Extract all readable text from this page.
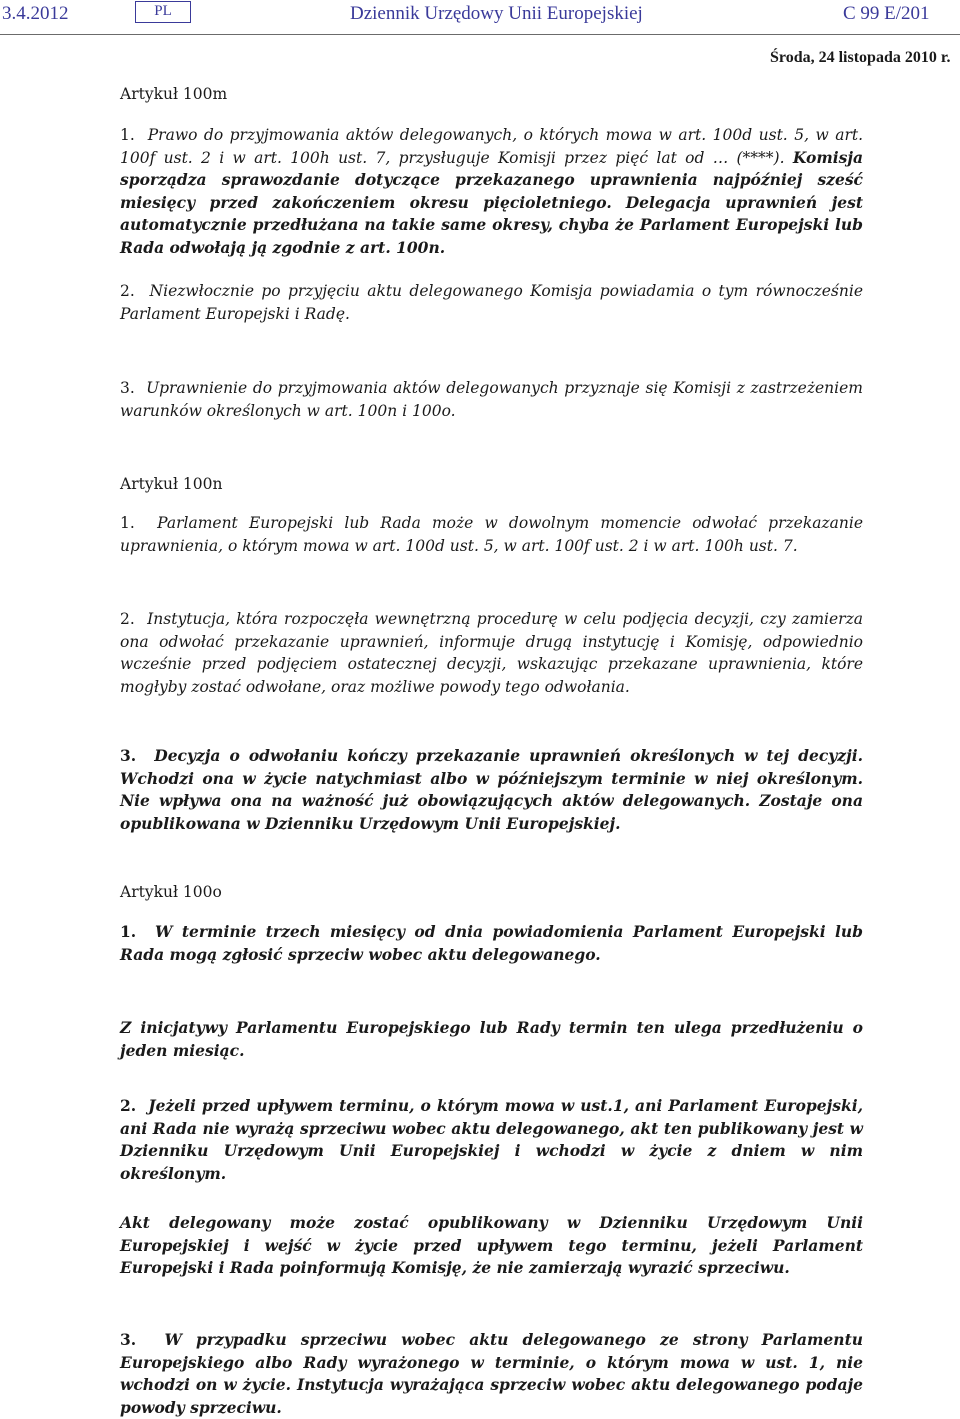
3.4.2012	PL	Dziennik Urzędowy Unii Europejskiej	C 99 E/201
Środa, 24 listopada 2010 r.
Artykuł 100m
1. Prawo do przyjmowania aktów delegowanych, o których mowa w art. 100d ust. 5, w art. 100f ust. 2 i w art. 100h ust. 7, przysługuje Komisji przez pięć lat od … (****). Komisja sporządza sprawozdanie dotyczące przekazanego uprawnienia najpóźniej sześć miesięcy przed zakończeniem okresu pięcioletniego. Delegacja uprawnień jest automatycznie przedłużana na takie same okresy, chyba że Parlament Europejski lub Rada odwołają ją zgodnie z art. 100n.
2. Niezwłocznie po przyjęciu aktu delegowanego Komisja powiadamia o tym równocześnie Parlament Europejski i Radę.
3. Uprawnienie do przyjmowania aktów delegowanych przyznaje się Komisji z zastrzeżeniem warunków określonych w art. 100n i 100o.
Artykuł 100n
1. Parlament Europejski lub Rada może w dowolnym momencie odwołać przekazanie uprawnienia, o którym mowa w art. 100d ust. 5, w art. 100f ust. 2 i w art. 100h ust. 7.
2. Instytucja, która rozpoczęła wewnętrzną procedurę w celu podjęcia decyzji, czy zamierza ona odwołać przekazanie uprawnień, informuje drugą instytucję i Komisję, odpowiednio wcześnie przed podjęciem ostatecznej decyzji, wskazując przekazane uprawnienia, które mogłyby zostać odwołane, oraz możliwe powody tego odwołania.
3. Decyzja o odwołaniu kończy przekazanie uprawnień określonych w tej decyzji. Wchodzi ona w życie natychmiast albo w późniejszym terminie w niej określonym. Nie wpływa ona na ważność już obowiązujących aktów delegowanych. Zostaje ona opublikowana w Dzienniku Urzędowym Unii Europejskiej.
Artykuł 100o
1. W terminie trzech miesięcy od dnia powiadomienia Parlament Europejski lub Rada mogą zgłosić sprzeciw wobec aktu delegowanego.
Z inicjatywy Parlamentu Europejskiego lub Rady termin ten ulega przedłużeniu o jeden miesiąc.
2. Jeżeli przed upływem terminu, o którym mowa w ust.1, ani Parlament Europejski, ani Rada nie wyrażą sprzeciwu wobec aktu delegowanego, akt ten publikowany jest w Dzienniku Urzędowym Unii Europejskiej i wchodzi w życie z dniem w nim określonym.
Akt delegowany może zostać opublikowany w Dzienniku Urzędowym Unii Europejskiej i wejść w życie przed upływem tego terminu, jeżeli Parlament Europejski i Rada poinformują Komisję, że nie zamierzają wyrazić sprzeciwu.
3. W przypadku sprzeciwu wobec aktu delegowanego ze strony Parlamentu Europejskiego albo Rady wyrażonego w terminie, o którym mowa w ust. 1, nie wchodzi on w życie. Instytucja wyrażająca sprzeciw wobec aktu delegowanego podaje powody sprzeciwu.
